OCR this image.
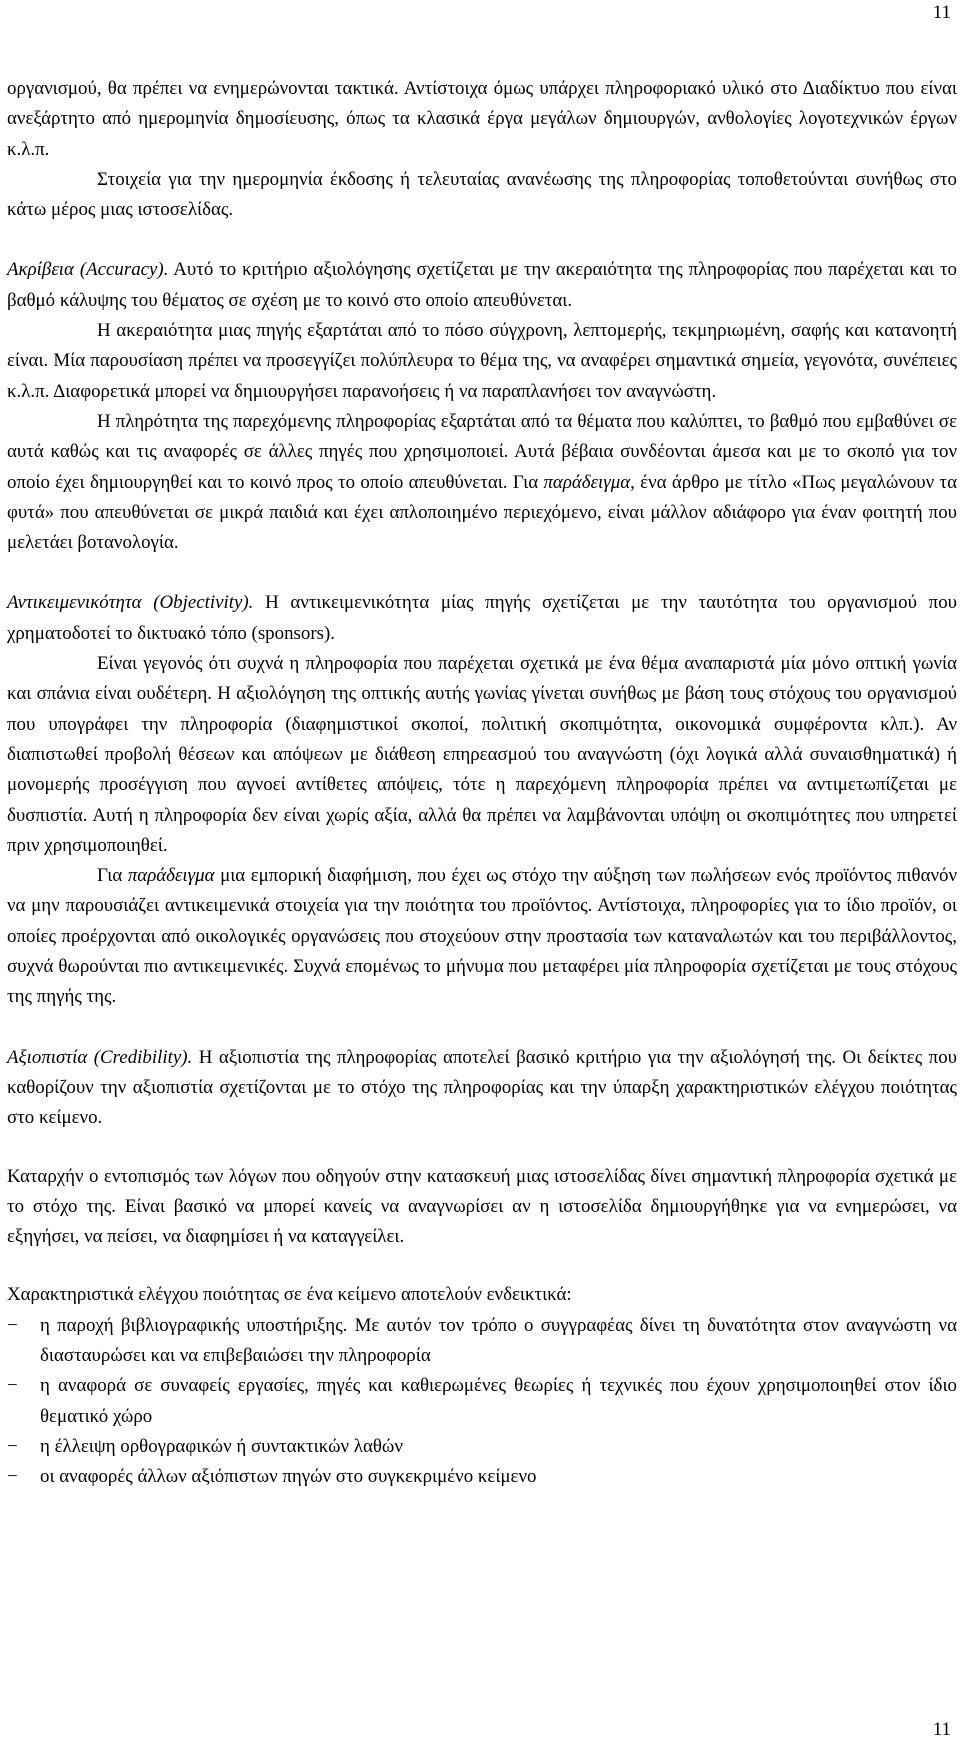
11

οργανισμού, θα πρέπει να ενημερώνονται τακτικά. Αντίστοιχα όμως υπάρχει πληροφοριακό υλικό στο Διαδίκτυο που είναι ανεξάρτητο από ημερομηνία δημοσίευσης, όπως τα κλασικά έργα μεγάλων δημιουργών, ανθολογίες λογοτεχνικών έργων κ.λ.π.

Στοιχεία για την ημερομηνία έκδοσης ή τελευταίας ανανέωσης της πληροφορίας τοποθετούνται συνήθως στο κάτω μέρος μιας ιστοσελίδας.

Ακρίβεια (Accuracy). Αυτό το κριτήριο αξιολόγησης σχετίζεται με την ακεραιότητα της πληροφορίας που παρέχεται και το βαθμό κάλυψης του θέματος σε σχέση με το κοινό στο οποίο απευθύνεται.

Η ακεραιότητα μιας πηγής εξαρτάται από το πόσο σύγχρονη, λεπτομερής, τεκμηριωμένη, σαφής και κατανοητή είναι. Μία παρουσίαση πρέπει να προσεγγίζει πολύπλευρα το θέμα της, να αναφέρει σημαντικά σημεία, γεγονότα, συνέπειες κ.λ.π. Διαφορετικά μπορεί να δημιουργήσει παρανοήσεις ή να παραπλανήσει τον αναγνώστη.

Η πληρότητα της παρεχόμενης πληροφορίας εξαρτάται από τα θέματα που καλύπτει, το βαθμό που εμβαθύνει σε αυτά καθώς και τις αναφορές σε άλλες πηγές που χρησιμοποιεί. Αυτά βέβαια συνδέονται άμεσα και με το σκοπό για τον οποίο έχει δημιουργηθεί και το κοινό προς το οποίο απευθύνεται. Για παράδειγμα, ένα άρθρο με τίτλο «Πως μεγαλώνουν τα φυτά» που απευθύνεται σε μικρά παιδιά και έχει απλοποιημένο περιεχόμενο, είναι μάλλον αδιάφορο για έναν φοιτητή που μελετάει βοτανολογία.

Αντικειμενικότητα (Objectivity). Η αντικειμενικότητα μίας πηγής σχετίζεται με την ταυτότητα του οργανισμού που χρηματοδοτεί το δικτυακό τόπο (sponsors).

Είναι γεγονός ότι συχνά η πληροφορία που παρέχεται σχετικά με ένα θέμα αναπαριστά μία μόνο οπτική γωνία και σπάνια είναι ουδέτερη. Η αξιολόγηση της οπτικής αυτής γωνίας γίνεται συνήθως με βάση τους στόχους του οργανισμού που υπογράφει την πληροφορία (διαφημιστικοί σκοποί, πολιτική σκοπιμότητα, οικονομικά συμφέροντα κλπ.). Αν διαπιστωθεί προβολή θέσεων και απόψεων με διάθεση επηρεασμού του αναγνώστη (όχι λογικά αλλά συναισθηματικά) ή μονομερής προσέγγιση που αγνοεί αντίθετες απόψεις, τότε η παρεχόμενη πληροφορία πρέπει να αντιμετωπίζεται με δυσπιστία. Αυτή η πληροφορία δεν είναι χωρίς αξία, αλλά θα πρέπει να λαμβάνονται υπόψη οι σκοπιμότητες που υπηρετεί πριν χρησιμοποιηθεί.

Για παράδειγμα μια εμπορική διαφήμιση, που έχει ως στόχο την αύξηση των πωλήσεων ενός προϊόντος πιθανόν να μην παρουσιάζει αντικειμενικά στοιχεία για την ποιότητα του προϊόντος. Αντίστοιχα, πληροφορίες για το ίδιο προϊόν, οι οποίες προέρχονται από οικολογικές οργανώσεις που στοχεύουν στην προστασία των καταναλωτών και του περιβάλλοντος, συχνά θωρούνται πιο αντικειμενικές. Συχνά επομένως το μήνυμα που μεταφέρει μία πληροφορία σχετίζεται με τους στόχους της πηγής της.

Αξιοπιστία (Credibility). Η αξιοπιστία της πληροφορίας αποτελεί βασικό κριτήριο για την αξιολόγησή της. Οι δείκτες που καθορίζουν την αξιοπιστία σχετίζονται με το στόχο της πληροφορίας και την ύπαρξη χαρακτηριστικών ελέγχου ποιότητας στο κείμενο.

Καταρχήν ο εντοπισμός των λόγων που οδηγούν στην κατασκευή μιας ιστοσελίδας δίνει σημαντική πληροφορία σχετικά με το στόχο της. Είναι βασικό να μπορεί κανείς να αναγνωρίσει αν η ιστοσελίδα δημιουργήθηκε για να ενημερώσει, να εξηγήσει, να πείσει, να διαφημίσει ή να καταγγείλει.

Χαρακτηριστικά ελέγχου ποιότητας σε ένα κείμενο αποτελούν ενδεικτικά:

− η παροχή βιβλιογραφικής υποστήριξης. Με αυτόν τον τρόπο ο συγγραφέας δίνει τη δυνατότητα στον αναγνώστη να διασταυρώσει και να επιβεβαιώσει την πληροφορία
− η αναφορά σε συναφείς εργασίες, πηγές και καθιερωμένες θεωρίες ή τεχνικές που έχουν χρησιμοποιηθεί στον ίδιο θεματικό χώρο
− η έλλειψη ορθογραφικών ή συντακτικών λαθών
− οι αναφορές άλλων αξιόπιστων πηγών στο συγκεκριμένο κείμενο
11
